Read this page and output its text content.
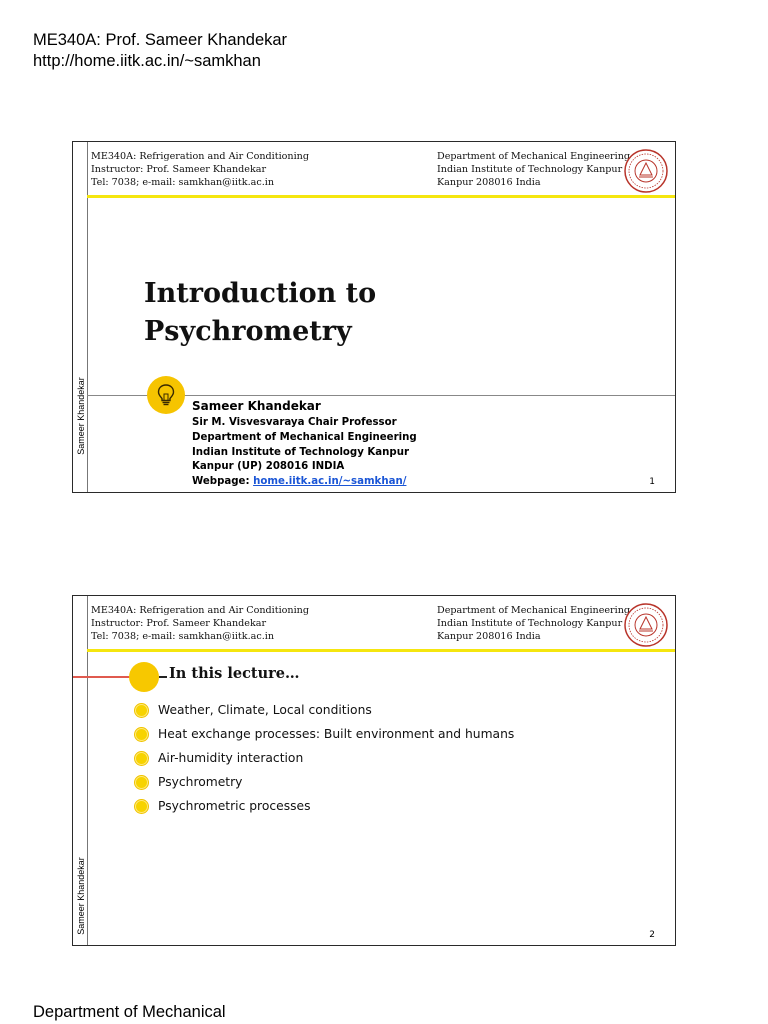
ME340A: Prof. Sameer Khandekar
http://home.iitk.ac.in/~samkhan
Sameer Khandekar
ME340A: Refrigeration and Air Conditioning
Instructor: Prof. Sameer Khandekar
Tel: 7038; e-mail: samkhan@iitk.ac.in
Department of Mechanical Engineering
Indian Institute of Technology Kanpur
Kanpur 208016 India
Introduction to
Psychrometry
Sameer Khandekar
Sir M. Visvesvaraya Chair Professor
Department of Mechanical Engineering
Indian Institute of Technology Kanpur
Kanpur (UP) 208016 INDIA
Webpage: home.iitk.ac.in/~samkhan/	1
Sameer Khandekar
ME340A: Refrigeration and Air Conditioning
Instructor: Prof. Sameer Khandekar
Tel: 7038; e-mail: samkhan@iitk.ac.in
Department of Mechanical Engineering
Indian Institute of Technology Kanpur
Kanpur 208016 India
In this lecture…
Weather, Climate, Local conditions
Heat exchange processes: Built environment and humans
Air-humidity interaction
Psychrometry
Psychrometric processes
2
Department of Mechanical
